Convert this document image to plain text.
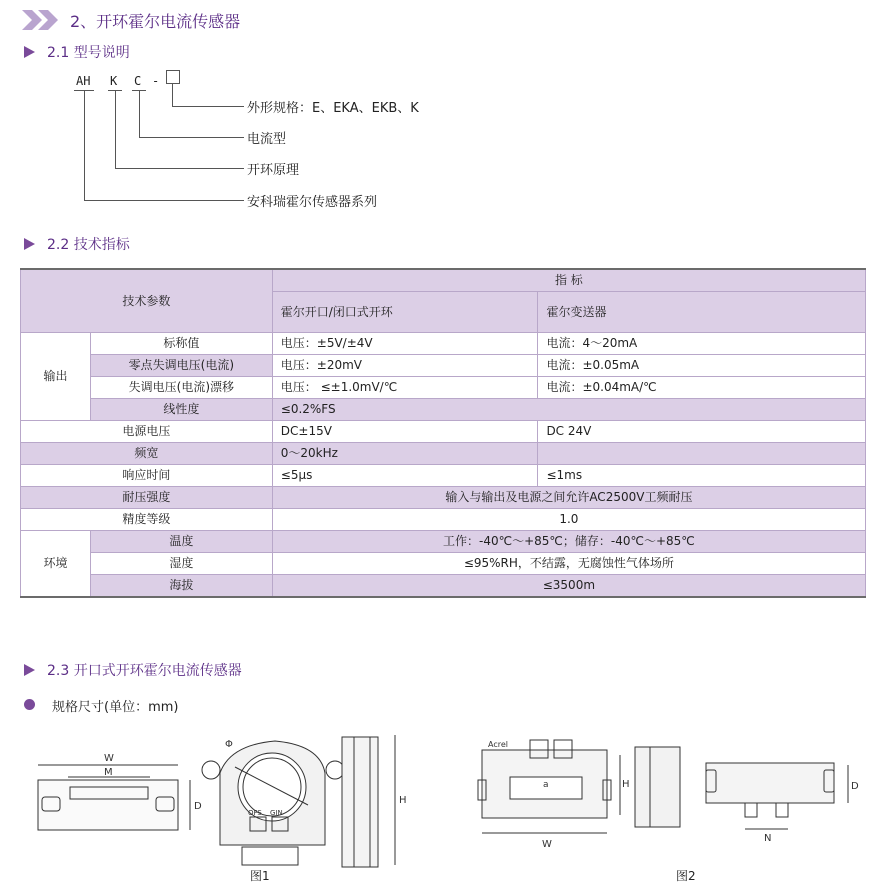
2、开环霍尔电流传感器
2.1 型号说明
AH K C -
外形规格：E、EKA、EKB、K
电流型
开环原理
安科瑞霍尔传感器系列
2.2 技术指标
技术参数		指 标	
		霍尔开口/闭口式开环	霍尔变送器
输出	标称值	电压：±5V/±4V	电流：4～20mA
	零点失调电压(电流)	电压：±20mV	电流：±0.05mA
	失调电压(电流)漂移	电压： ≤±1.0mV/℃	电流：±0.04mA/℃
	线性度	≤0.2%FS	
电源电压		DC±15V	DC 24V
频宽		0～20kHz	
响应时间		≤5μs	≤1ms
耐压强度		输入与输出及电源之间允许AC2500V工频耐压	
精度等级		1.0	
环境	温度	工作：-40℃～+85℃；储存：-40℃～+85℃	
	湿度	≤95%RH，不结露，无腐蚀性气体场所	
	海拔	≤3500m	
2.3 开口式开环霍尔电流传感器
规格尺寸(单位：mm)
W
M
D
Φ
OFS GIN
H
图1
Acrel
a	H
W
N
D
图2
